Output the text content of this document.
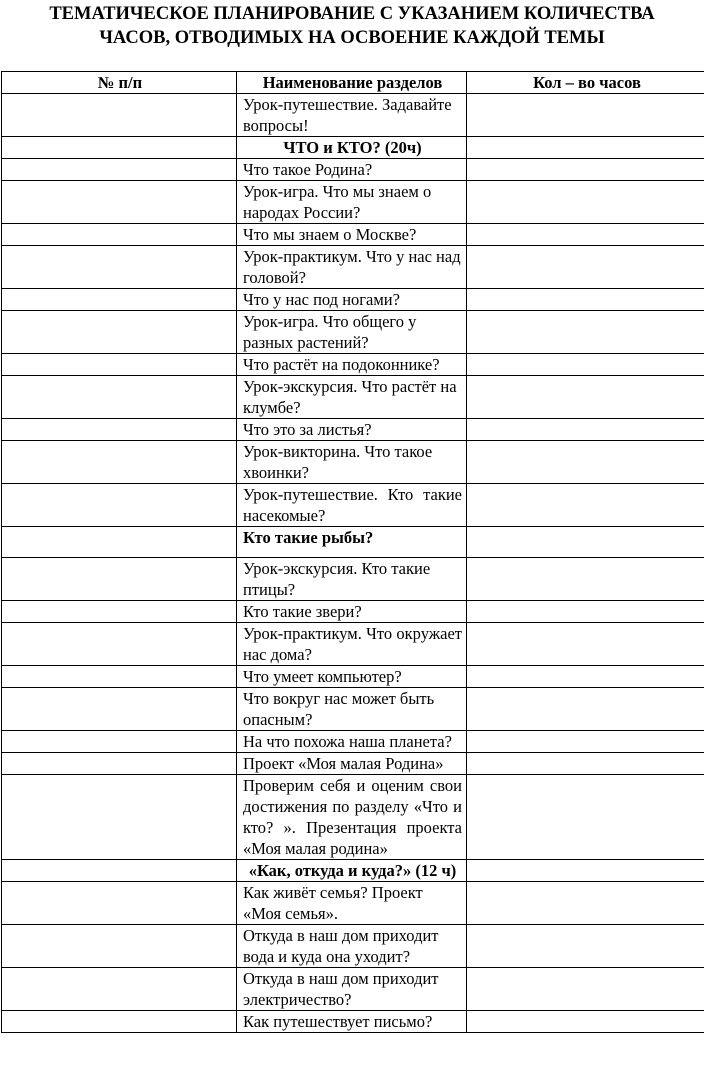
ТЕМАТИЧЕСКОЕ ПЛАНИРОВАНИЕ С УКАЗАНИЕМ КОЛИЧЕСТВА
ЧАСОВ, ОТВОДИМЫХ НА ОСВОЕНИЕ КАЖДОЙ ТЕМЫ
№ п/п	Наименование разделов	Кол – во часов
	Урок-путешествие. Задавайте вопросы!	
	ЧТО и КТО? (20ч)	
	Что такое Родина?	
	Урок-игра. Что мы знаем о народах России?	
	Что мы знаем о Москве?	
	Урок-практикум. Что у нас над головой?	
	Что у нас под ногами?	
	Урок-игра. Что общего у разных растений?	
	Что растёт на подоконнике?	
	Урок-экскурсия. Что растёт на клумбе?	
	Что это за листья?	
	Урок-викторина. Что такое хвоинки?	
	Урок-путешествие. Кто такие насекомые?	
	Кто такие рыбы?	
	Урок-экскурсия. Кто такие птицы?	
	Кто такие звери?	
	Урок-практикум. Что окружает нас дома?	
	Что умеет компьютер?	
	Что вокруг нас может быть опасным?	
	На что похожа наша планета?	
	Проект «Моя малая Родина»	
	Проверим себя и оценим свои достижения по разделу «Что и кто? ». Презентация проекта «Моя малая родина»	
	«Как, откуда и куда?» (12 ч)	
	Как живёт семья? Проект «Моя семья».	
	Откуда в наш дом приходит вода и куда она уходит?	
	Откуда в наш дом приходит электричество?	
	Как путешествует письмо?	
